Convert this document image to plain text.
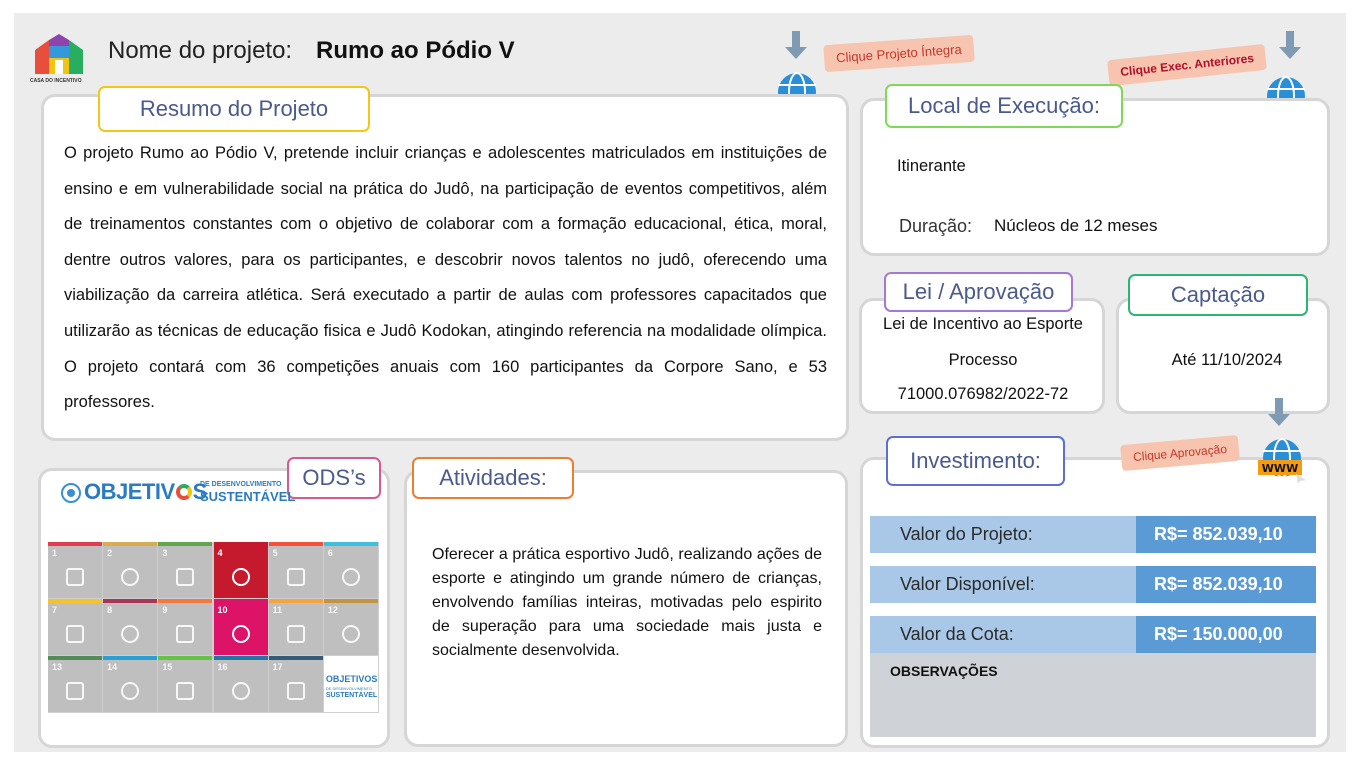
CASA DO INCENTIVO
Nome do projeto: Rumo ao Pódio V	Clique Projeto Íntegra	Clique Exec. Anteriores
Resumo do Projeto
O projeto Rumo ao Pódio V, pretende incluir crianças e adolescentes matriculados em instituições de ensino e em vulnerabilidade social na prática do Judô, na participação de eventos competitivos, além de treinamentos constantes com o objetivo de colaborar com a formação educacional, ética, moral, dentre outros valores, para os participantes, e descobrir novos talentos no judô, oferecendo uma viabilização da carreira atlética. Será executado a partir de aulas com professores capacitados que utilizarão as técnicas de educação fisica e Judô Kodokan, atingindo referencia na modalidade olímpica. O projeto contará com 36 competições anuais com 160 participantes da Corpore Sano, e 53 professores.
Local de Execução:
Itinerante
Duração: Núcleos de 12 meses
Lei / Aprovação
Lei de Incentivo ao Esporte
Processo
71000.076982/2022-72
Captação
Até 11/10/2024
ODS’s
OBJETIV S
DE DESENVOLVIMENTO
SUSTENTÁVEL
1	2	3	4	5	6
7	8	9	10	11	12
13	14	15	16	17
OBJETIVOS
DE DESENVOLVIMENTO
SUSTENTÁVEL
Atividades:
Oferecer a prática esportivo Judô, realizando ações de esporte e atingindo um grande número de crianças, envolvendo famílias inteiras, motivadas pelo espirito de superação para uma sociedade mais justa e socialmente desenvolvida.
Investimento:	WWW
Clique Aprovação
Valor do Projeto:	R$= 852.039,10
Valor Disponível:	R$= 852.039,10
Valor da Cota:	R$= 150.000,00
OBSERVAÇÕES
